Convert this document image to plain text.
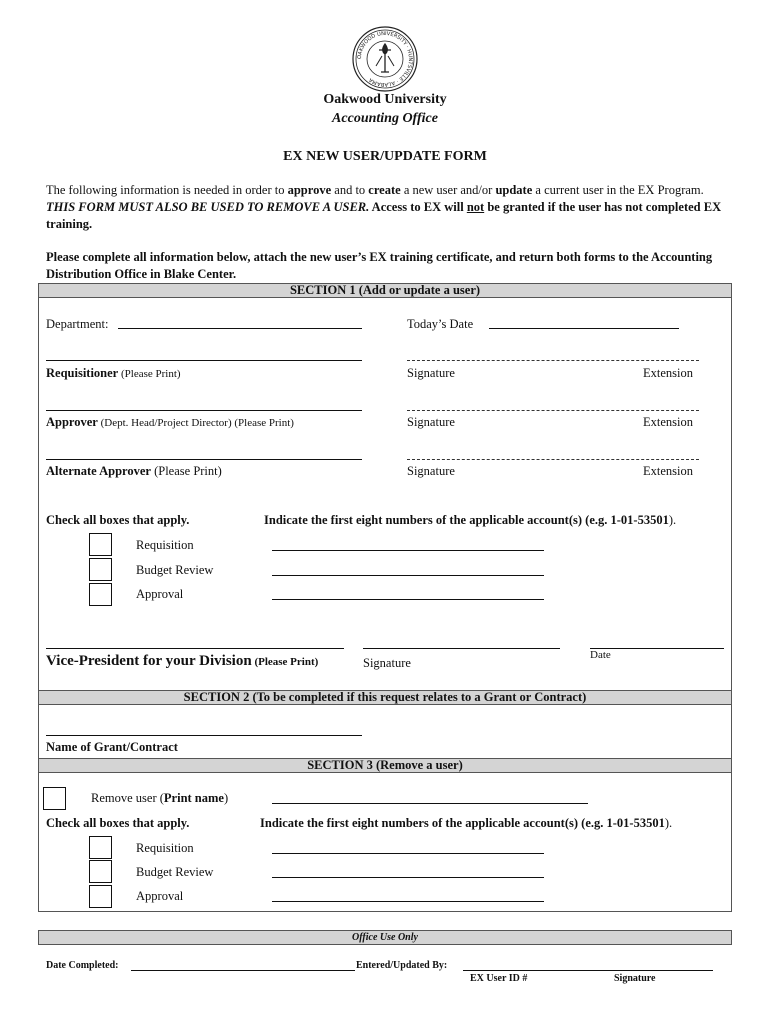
OAKWOOD UNIVERSITY · HUNTSVILLE · ALABAMA
Oakwood University
Accounting Office
EX NEW USER/UPDATE FORM
The following information is needed in order to approve and to create a new user and/or update a current user in the EX Program. THIS FORM MUST ALSO BE USED TO REMOVE A USER. Access to EX will not be granted if the user has not completed EX training.
Please complete all information below, attach the new user’s EX training certificate, and return both forms to the Accounting Distribution Office in Blake Center.
SECTION 1 (Add or update a user)
Department:	Today’s Date
Requisitioner (Please Print)	Signature	Extension
Approver (Dept. Head/Project Director) (Please Print)	Signature	Extension
Alternate Approver (Please Print)	Signature	Extension
Check all boxes that apply.	Indicate the first eight numbers of the applicable account(s) (e.g. 1-01-53501).
Requisition
Budget Review
Approval
Vice-President for your Division (Please Print)	Signature
Date
SECTION 2 (To be completed if this request relates to a Grant or Contract)
Name of Grant/Contract
SECTION 3 (Remove a user)
Remove user (Print name)
Check all boxes that apply.	Indicate the first eight numbers of the applicable account(s) (e.g. 1-01-53501).
Requisition
Budget Review
Approval
Office Use Only
Date Completed:	Entered/Updated By:
EX User ID #	Signature
